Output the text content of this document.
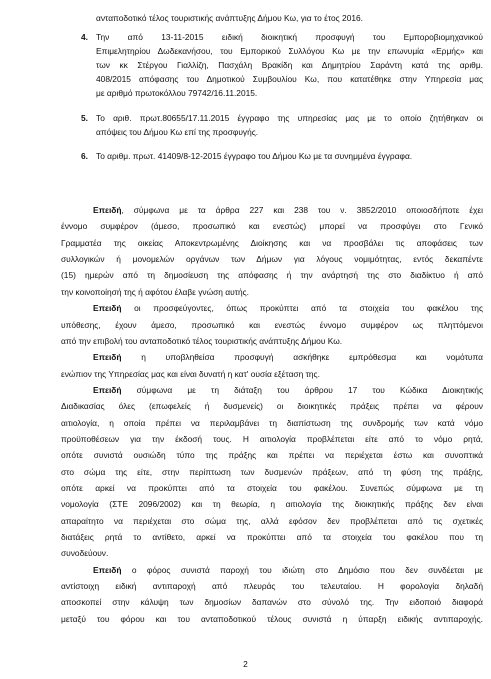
ανταποδοτικό τέλος τουριστικής ανάπτυξης Δήμου Κω, για το έτος 2016.
4. Την από 13-11-2015 ειδική διοικητική προσφυγή του Εμποροβιομηχανικού
Επιμελητηρίου Δωδεκανήσου, του Εμπορικού Συλλόγου Κω με την επωνυμία «Ερμής» και
των κκ Στέργου Γιαλλίζη, Πασχάλη Βρακίδη και Δημητρίου Σαράντη κατά της αριθμ.
408/2015 απόφασης του Δημοτικού Συμβουλίου Κω, που κατατέθηκε στην Υπηρεσία μας
με αριθμό πρωτοκόλλου 79742/16.11.2015.
5. Το αριθ. πρωτ.80655/17.11.2015 έγγραφο της υπηρεσίας μας με το οποίο ζητήθηκαν οι
απόψεις του Δήμου Κω επί της προσφυγής.
6. Το αριθμ. πρωτ. 41409/8-12-2015 έγγραφο του Δήμου Κω με τα συνημμένα έγγραφα.
Επειδή, σύμφωνα με τα άρθρα 227 και 238 του ν. 3852/2010 οποιοσδήποτε έχει
έννομο συμφέρον (άμεσο, προσωπικό και ενεστώς) μπορεί να προσφύγει στο Γενικό
Γραμματέα της οικείας Αποκεντρωμένης Διοίκησης και να προσβάλει τις αποφάσεις των
συλλογικών ή μονομελών οργάνων των Δήμων για λόγους νομιμότητας, εντός δεκαπέντε
(15) ημερών από τη δημοσίευση της απόφασης ή την ανάρτησή της στο διαδίκτυο ή από
την κοινοποίησή της ή αφότου έλαβε γνώση αυτής.
Επειδή οι προσφεύγοντες, όπως προκύπτει από τα στοιχεία του φακέλου της
υπόθεσης, έχουν άμεσο, προσωπικό και ενεστώς έννομο συμφέρον ως πληττόμενοι
από την επιβολή του ανταποδοτικό τέλος τουριστικής ανάπτυξης Δήμου Κω.
Επειδή η υποβληθείσα προσφυγή ασκήθηκε εμπρόθεσμα και νομότυπα
ενώπιον της Υπηρεσίας μας και είναι δυνατή η κατ' ουσία εξέταση της.
Επειδή σύμφωνα με τη διάταξη του άρθρου 17 του Κώδικα Διοικητικής
Διαδικασίας όλες (επωφελείς ή δυσμενείς) οι διοικητικές πράξεις πρέπει να φέρουν
αιτιολογία, η οποία πρέπει να περιλαμβάνει τη διαπίστωση της συνδρομής των κατά νόμο
προϋποθέσεων για την έκδοσή τους. Η αιτιολογία προβλέπεται είτε από το νόμο ρητά,
οπότε συνιστά ουσιώδη τύπο της πράξης και πρέπει να περιέχεται έστω και συνοπτικά
στο σώμα της είτε, στην περίπτωση των δυσμενών πράξεων, από τη φύση της πράξης,
οπότε αρκεί να προκύπτει από τα στοιχεία του φακέλου. Συνεπώς σύμφωνα με τη
νομολογία (ΣΤΕ 2096/2002) και τη θεωρία, η αιτιολογία της διοικητικής πράξης δεν είναι
απαραίτητο να περιέχεται στο σώμα της, αλλά εφόσον δεν προβλέπεται από τις σχετικές
διατάξεις ρητά το αντίθετο, αρκεί να προκύπτει από τα στοιχεία του φακέλου που τη
συνοδεύουν.
Επειδή ο φόρος συνιστά παροχή του ιδιώτη στο Δημόσιο που δεν συνδέεται με
αντίστοιχη ειδική αντιπαροχή από πλευράς του τελευταίου. Η φορολογία δηλαδή
αποσκοπεί στην κάλυψη των δημοσίων δαπανών στο σύνολό της. Την ειδοποιό διαφορά
μεταξύ του φόρου και του ανταποδοτικού τέλους συνιστά η ύπαρξη ειδικής αντιπαροχής.
2
